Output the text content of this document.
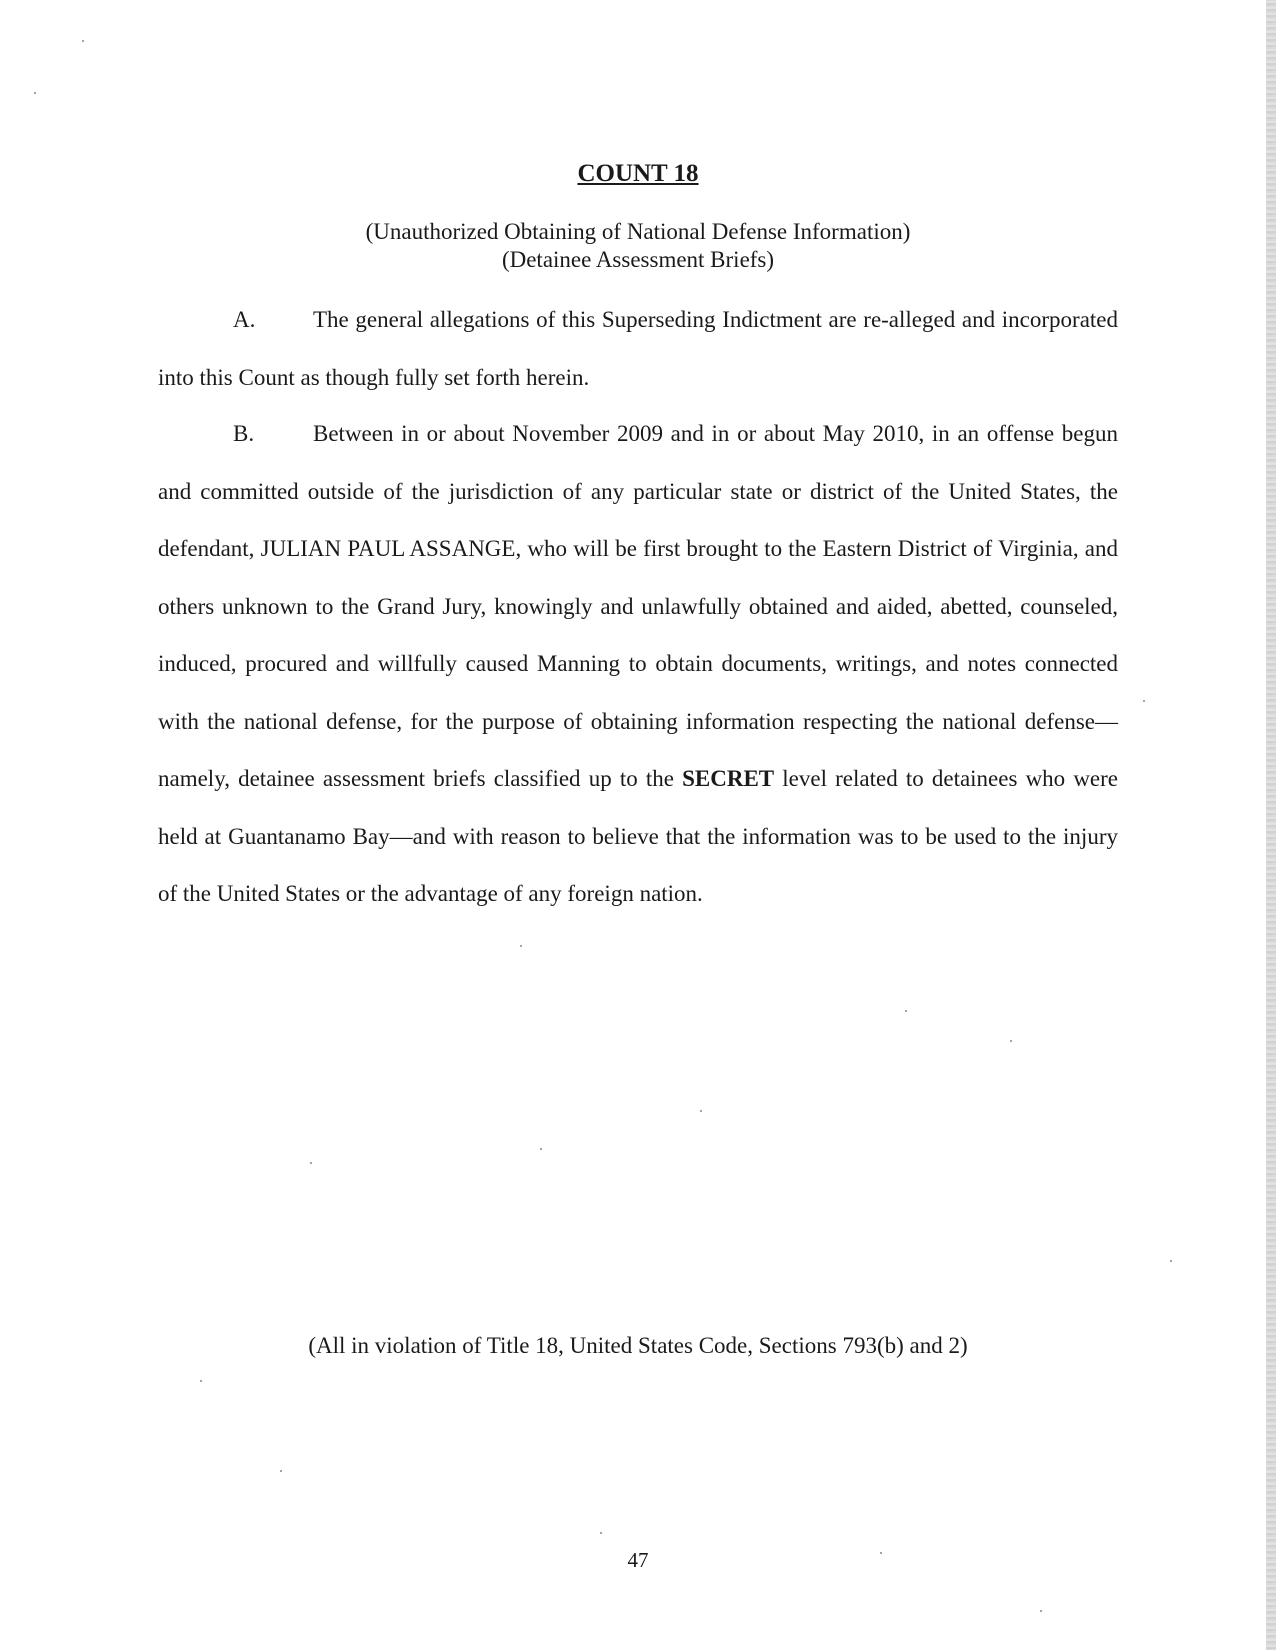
COUNT 18
(Unauthorized Obtaining of National Defense Information)
(Detainee Assessment Briefs)
A.	The general allegations of this Superseding Indictment are re-alleged and incorporated into this Count as though fully set forth herein.
B.	Between in or about November 2009 and in or about May 2010, in an offense begun and committed outside of the jurisdiction of any particular state or district of the United States, the defendant, JULIAN PAUL ASSANGE, who will be first brought to the Eastern District of Virginia, and others unknown to the Grand Jury, knowingly and unlawfully obtained and aided, abetted, counseled, induced, procured and willfully caused Manning to obtain documents, writings, and notes connected with the national defense, for the purpose of obtaining information respecting the national defense—namely, detainee assessment briefs classified up to the SECRET level related to detainees who were held at Guantanamo Bay—and with reason to believe that the information was to be used to the injury of the United States or the advantage of any foreign nation.
(All in violation of Title 18, United States Code, Sections 793(b) and 2)
47
